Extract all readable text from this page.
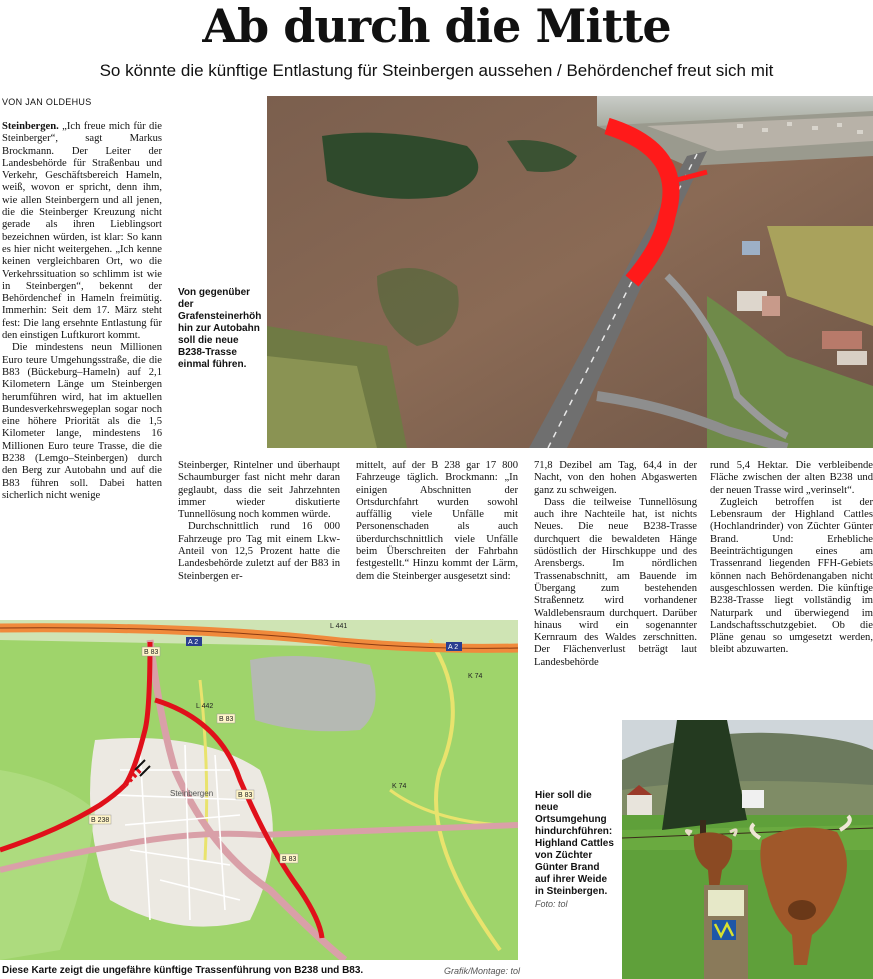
Ab durch die Mitte
So könnte die künftige Entlastung für Steinbergen aussehen / Behördenchef freut sich mit
VON JAN OLDEHUS

Steinbergen. „Ich freue mich für die Steinberger“, sagt Markus Brockmann. Der Leiter der Landesbehörde für Straßenbau und Verkehr, Geschäftsbereich Hameln, weiß, wovon er spricht, denn ihm, wie allen Steinbergern und all jenen, die die Steinberger Kreuzung nicht gerade als ihren Lieblingsort bezeichnen würden, ist klar: So kann es hier nicht weitergehen. „Ich kenne keinen vergleichbaren Ort, wo die Verkehrssituation so schlimm ist wie in Steinbergen“, bekennt der Behördenchef in Hameln freimütig. Immerhin: Seit dem 17. März steht fest: Die lang ersehnte Entlastung für den einstigen Luftkurort kommt.

Die mindestens neun Millionen Euro teure Umgehungsstraße, die die B83 (Bückeburg–Hameln) auf 2,1 Kilometern Länge um Steinbergen herumführen wird, hat im aktuellen Bundesverkehrswegeplan sogar noch eine höhere Priorität als die 1,5 Kilometer lange, mindestens 16 Millionen Euro teure Trasse, die die B238 (Lemgo–Steinbergen) durch den Berg zur Autobahn und auf die B83 führen soll. Dabei hatten sicherlich nicht wenige

Von gegenüber der Grafensteinerhöh hin zur Autobahn soll die neue B238-Trasse einmal führen.

Steinberger, Rintelner und überhaupt Schaumburger fast nicht mehr daran geglaubt, dass die seit Jahrzehnten immer wieder diskutierte Tunnellösung noch kommen würde.

Durchschnittlich rund 16 000 Fahrzeuge pro Tag mit einem Lkw-Anteil von 12,5 Prozent hatte die Landesbehörde zuletzt auf der B83 in Steinbergen er-

mittelt, auf der B 238 gar 17 800 Fahrzeuge täglich. Brockmann: „In einigen Abschnitten der Ortsdurchfahrt wurden sowohl auffällig viele Unfälle mit Personenschaden als auch überdurchschnittlich viele Unfälle beim Überschreiten der Fahrbahn festgestellt.“ Hinzu kommt der Lärm, dem die Steinberger ausgesetzt sind:

71,8 Dezibel am Tag, 64,4 in der Nacht, von den hohen Abgaswerten ganz zu schweigen.

Dass die teilweise Tunnellösung auch ihre Nachteile hat, ist nichts Neues. Die neue B238-Trasse durchquert die bewaldeten Hänge südöstlich der Hirschkuppe und des Arensbergs. Im nördlichen Trassenabschnitt, am Bauende im Übergang zum bestehenden Straßennetz wird vorhandener Waldlebensraum durchquert. Darüber hinaus wird ein sogenannter Kernraum des Waldes zerschnitten. Der Flächenverlust beträgt laut Landesbehörde

rund 5,4 Hektar. Die verbleibende Fläche zwischen der alten B238 und der neuen Trasse wird „verinselt“.

Zugleich betroffen ist der Lebensraum der Highland Cattles (Hochlandrinder) von Züchter Günter Brand. Und: Erhebliche Beeinträchtigungen eines am Trassenrand liegenden FFH-Gebiets können nach Behördenangaben nicht ausgeschlossen werden. Die künftige B238-Trasse liegt vollständig im Naturpark und überwiegend im Landschaftsschutzgebiet. Ob die Pläne genau so umgesetzt werden, bleibt abzuwarten.

A 2
A 2
B 83
B 83
B 83
B 83
B 238
L 442
L 441
K 74
K 74
Steinbergen
Diese Karte zeigt die ungefähre künftige Trassenführung von B238 und B83.	Grafik/Montage: tol
Hier soll die neue Ortsumgehung hindurchführen: Highland Cattles von Züchter Günter Brand auf ihrer Weide in Steinbergen. Foto: tol
